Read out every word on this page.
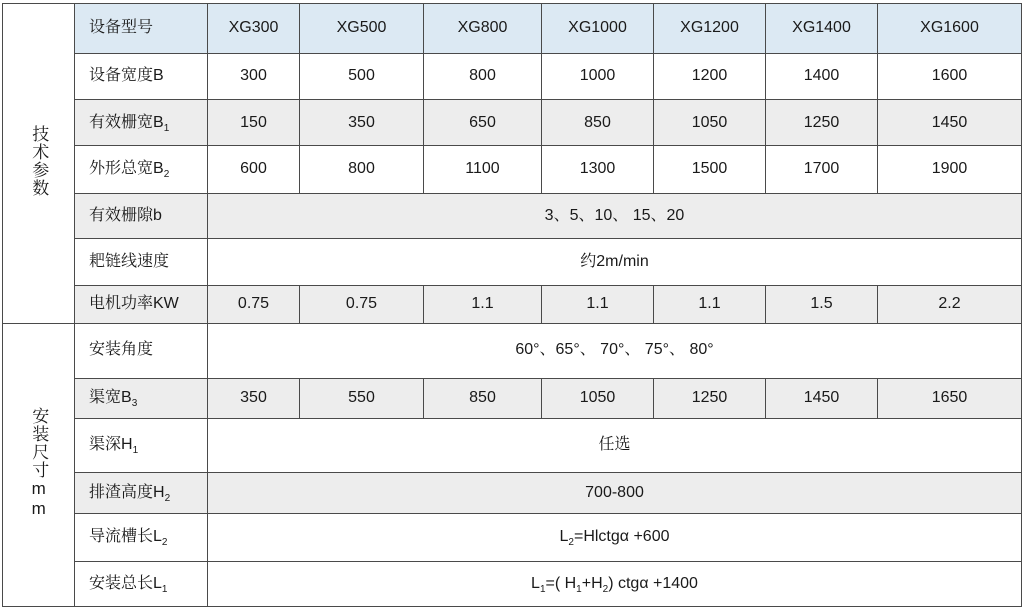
技术参数	设备型号	XG300	XG500	XG800	XG1000	XG1200	XG1400	XG1600
	设备宽度B	300	500	800	1000	1200	1400	1600
	有效栅宽$B_1$	150	350	650	850	1050	1250	1450
	外形总宽$B_2$	600	800	1100	1300	1500	1700	1900
	有效栅隙b	3、5、10、 15、20						
	耙链线速度	约2m/min						
	电机功率KW	0.75	0.75	1.1	1.1	1.1	1.5	2.2
安装尺寸mm	安装角度	60°、65°、 70°、 75°、 80°						
	渠宽$B_3$	350	550	850	1050	1250	1450	1650
	渠深$H_1$	任选						
	排渣高度$H_2$	700-800						
	导流槽长$L_2$	$L_2=Hlctg\alpha +600$						
	安装总长$L_1$	$L_1=$( $H_1+H_2$) ctgα +1400						
